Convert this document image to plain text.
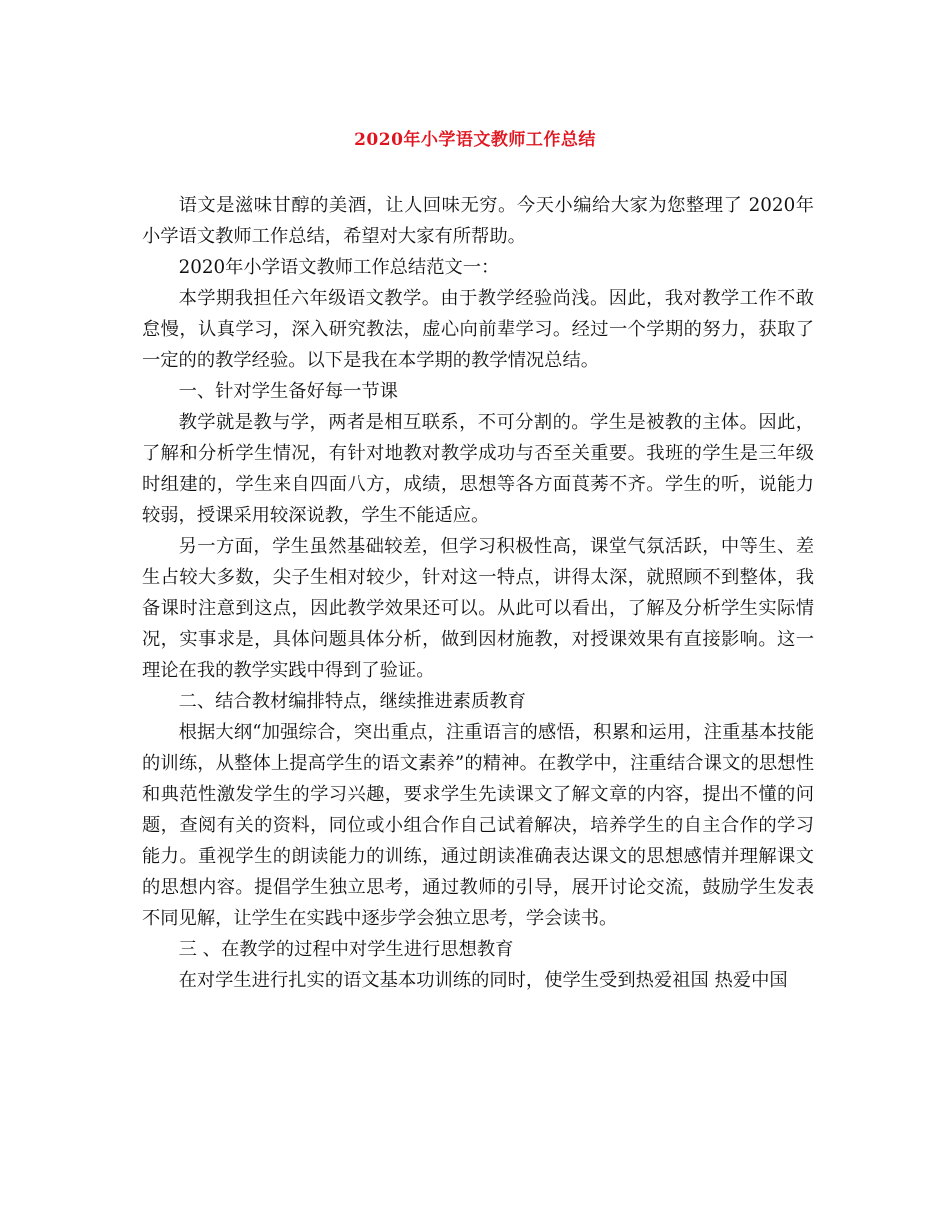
2020年小学语文教师工作总结

语文是滋味甘醇的美酒，让人回味无穷。今天小编给大家为您整理了 2020年小学语文教师工作总结，希望对大家有所帮助。

2020年小学语文教师工作总结范文一：

本学期我担任六年级语文教学。由于教学经验尚浅。因此，我对教学工作不敢怠慢，认真学习，深入研究教法，虚心向前辈学习。经过一个学期的努力，获取了一定的的教学经验。以下是我在本学期的教学情况总结。

一、针对学生备好每一节课

教学就是教与学，两者是相互联系，不可分割的。学生是被教的主体。因此，了解和分析学生情况，有针对地教对教学成功与否至关重要。我班的学生是三年级时组建的，学生来自四面八方，成绩，思想等各方面莨莠不齐。学生的听，说能力较弱，授课采用较深说教，学生不能适应。

另一方面，学生虽然基础较差，但学习积极性高，课堂气氛活跃，中等生、差生占较大多数，尖子生相对较少，针对这一特点，讲得太深，就照顾不到整体，我备课时注意到这点，因此教学效果还可以。从此可以看出，了解及分析学生实际情况，实事求是，具体问题具体分析，做到因材施教，对授课效果有直接影响。这一理论在我的教学实践中得到了验证。

二、结合教材编排特点，继续推进素质教育

根据大纲“加强综合，突出重点，注重语言的感悟，积累和运用，注重基本技能的训练，从整体上提高学生的语文素养”的精神。在教学中，注重结合课文的思想性和典范性激发学生的学习兴趣，要求学生先读课文了解文章的内容，提出不懂的问题，查阅有关的资料，同位或小组合作自己试着解决，培养学生的自主合作的学习能力。重视学生的朗读能力的训练，通过朗读准确表达课文的思想感情并理解课文的思想内容。提倡学生独立思考，通过教师的引导，展开讨论交流，鼓励学生发表不同见解，让学生在实践中逐步学会独立思考，学会读书。

三 、在教学的过程中对学生进行思想教育

在对学生进行扎实的语文基本功训练的同时，使学生受到热爱祖国 热爱中国
